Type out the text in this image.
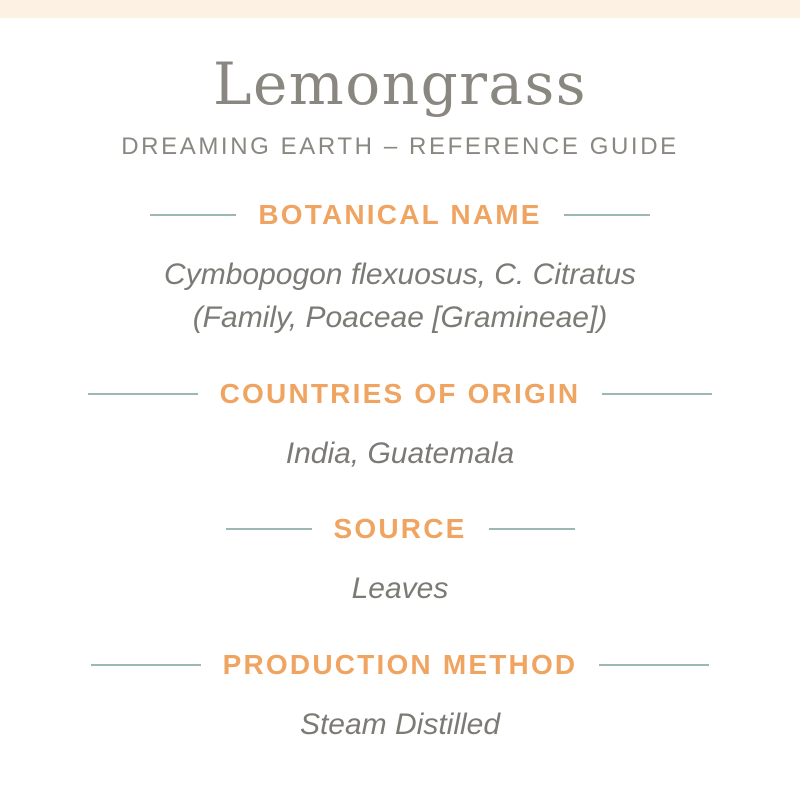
Lemongrass
DREAMING EARTH – REFERENCE GUIDE
BOTANICAL NAME
Cymbopogon flexuosus, C. Citratus
(Family, Poaceae [Gramineae])
COUNTRIES OF ORIGIN
India, Guatemala
SOURCE
Leaves
PRODUCTION METHOD
Steam Distilled
